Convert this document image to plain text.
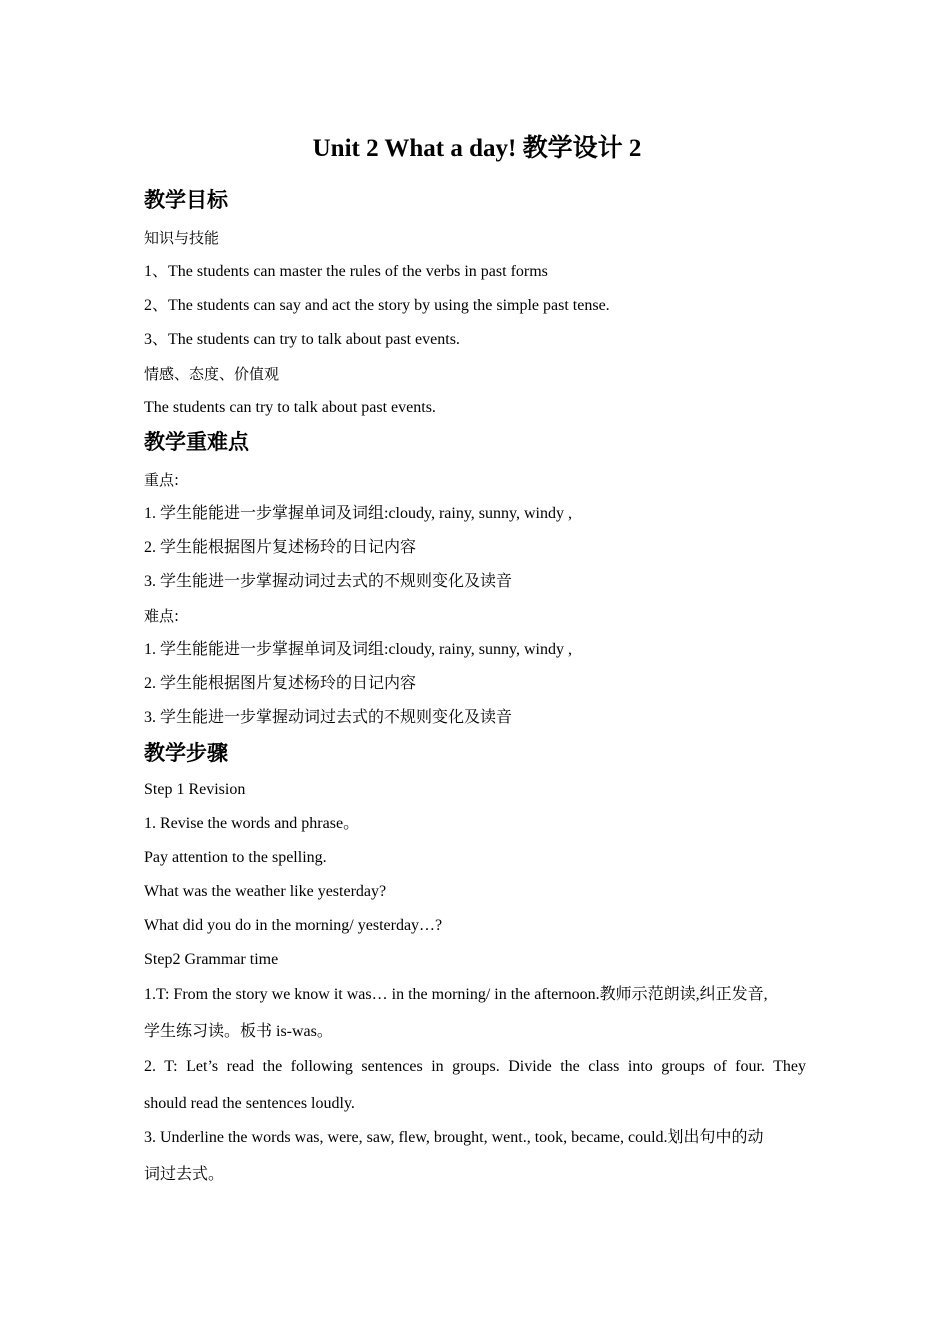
Unit 2 What a day! 教学设计 2
教学目标
知识与技能
1、The students can master the rules of the verbs in past forms
2、The students can say and act the story by using the simple past tense.
3、The students can try to talk about past events.
情感、态度、价值观
The students can try to talk about past events.
教学重难点
重点:
1. 学生能能进一步掌握单词及词组:cloudy, rainy, sunny, windy ,
2. 学生能根据图片复述杨玲的日记内容
3. 学生能进一步掌握动词过去式的不规则变化及读音
难点:
1. 学生能能进一步掌握单词及词组:cloudy, rainy, sunny, windy ,
2. 学生能根据图片复述杨玲的日记内容
3. 学生能进一步掌握动词过去式的不规则变化及读音
教学步骤
Step 1 Revision
1. Revise the words and phrase。
Pay attention to the spelling.
What was the weather like yesterday?
What did you do in the morning/ yesterday…?
Step2 Grammar time
1.T: From the story we know it was… in the morning/ in the afternoon.教师示范朗读,纠正发音,
学生练习读。板书 is-was。
2. T: Let’s read the following sentences in groups. Divide the class into groups of four. They
should read the sentences loudly.
3. Underline the words was, were, saw, flew, brought, went., took, became, could.划出句中的动
词过去式。
